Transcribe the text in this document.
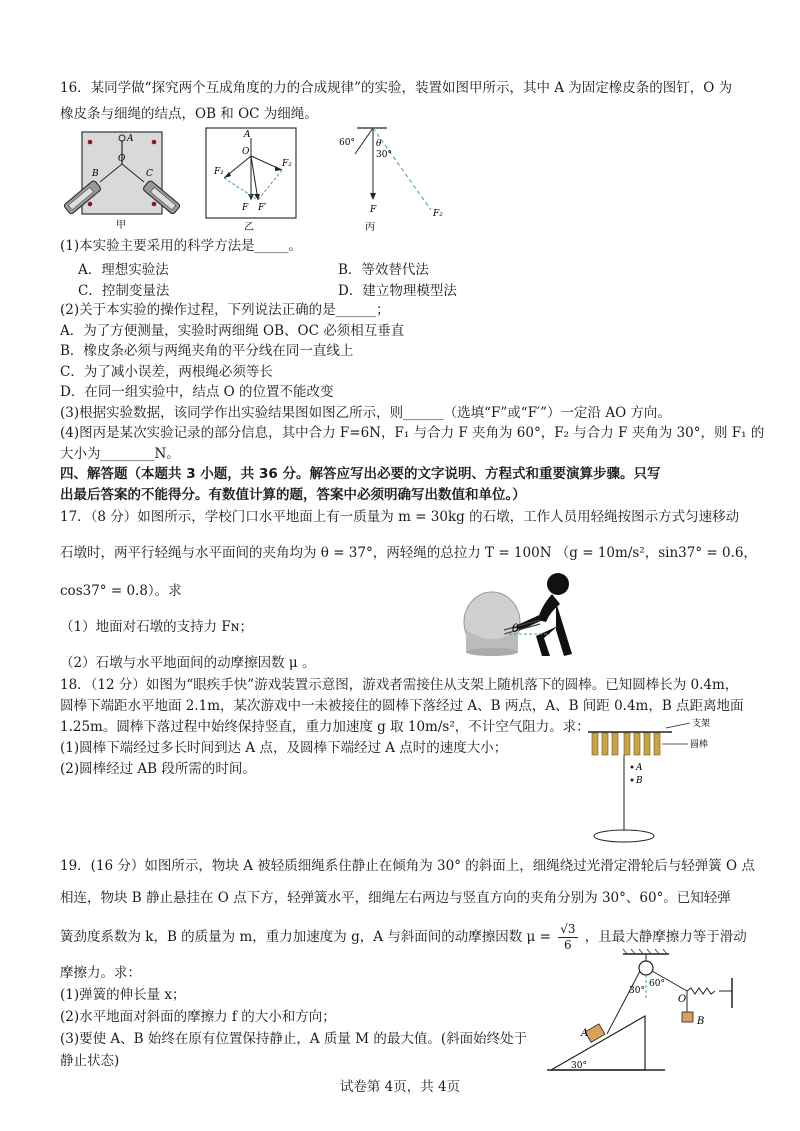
16．某同学做“探究两个互成角度的力的合成规律”的实验，装置如图甲所示，其中 A 为固定橡皮条的图钉，O 为
橡皮条与细绳的结点，OB 和 OC 为细绳。
A
O
B	C
甲
A
O
F₁
F₂
F F′
乙
60° θ
30°
F	F₂
丙
(1)本实验主要采用的科学方法是_____。
A．理想实验法	B．等效替代法
C．控制变量法	D．建立物理模型法
(2)关于本实验的操作过程，下列说法正确的是______；
A．为了方便测量，实验时两细绳 OB、OC 必须相互垂直
B．橡皮条必须与两绳夹角的平分线在同一直线上
C．为了减小误差，两根绳必须等长
D．在同一组实验中，结点 O 的位置不能改变
(3)根据实验数据，该同学作出实验结果图如图乙所示，则______（选填“F”或“F′”）一定沿 AO 方向。
(4)图丙是某次实验记录的部分信息，其中合力 F=6N，F₁ 与合力 F 夹角为 60°，F₂ 与合力 F 夹角为 30°，则 F₁ 的
大小为________N。
四、解答题（本题共 3 小题，共 36 分。解答应写出必要的文字说明、方程式和重要演算步骤。只写
出最后答案的不能得分。有数值计算的题，答案中必须明确写出数值和单位。）
17．（8 分）如图所示，学校门口水平地面上有一质量为 m = 30kg 的石墩，工作人员用轻绳按图示方式匀速移动
石墩时，两平行轻绳与水平面间的夹角均为 θ = 37°，两轻绳的总拉力 T = 100N （g = 10m/s²，sin37° = 0.6，
cos37° = 0.8）。求
（1）地面对石墩的支持力 Fɴ；
（2）石墩与水平地面间的动摩擦因数 μ 。
θ
18．（12 分）如图为“眼疾手快”游戏装置示意图，游戏者需接住从支架上随机落下的圆棒。已知圆棒长为 0.4m，
圆棒下端距水平地面 2.1m，某次游戏中一未被接住的圆棒下落经过 A、B 两点，A、B 间距 0.4m，B 点距离地面
1.25m。圆棒下落过程中始终保持竖直，重力加速度 g 取 10m/s²，不计空气阻力。求：
(1)圆棒下端经过多长时间到达 A 点，及圆棒下端经过 A 点时的速度大小；
(2)圆棒经过 AB 段所需的时间。
支架
圆棒
A
B
19．(16 分）如图所示，物块 A 被轻质细绳系住静止在倾角为 30° 的斜面上，细绳绕过光滑定滑轮后与轻弹簧 O 点
相连，物块 B 静止悬挂在 O 点下方，轻弹簧水平，细绳左右两边与竖直方向的夹角分别为 30°、60°。已知轻弹
簧劲度系数为 k，B 的质量为 m，重力加速度为 g，A 与斜面间的动摩擦因数 $\mu = \frac{√3}{6}$ ，且最大静摩擦力等于滑动
摩擦力。求：
(1)弹簧的伸长量 x；
(2)水平地面对斜面的摩擦力 f 的大小和方向；
(3)要使 A、B 始终在原有位置保持静止，A 质量 M 的最大值。(斜面始终处于
静止状态)
30°
60°
O
A
B
30°
试卷第 4页，共 4页
